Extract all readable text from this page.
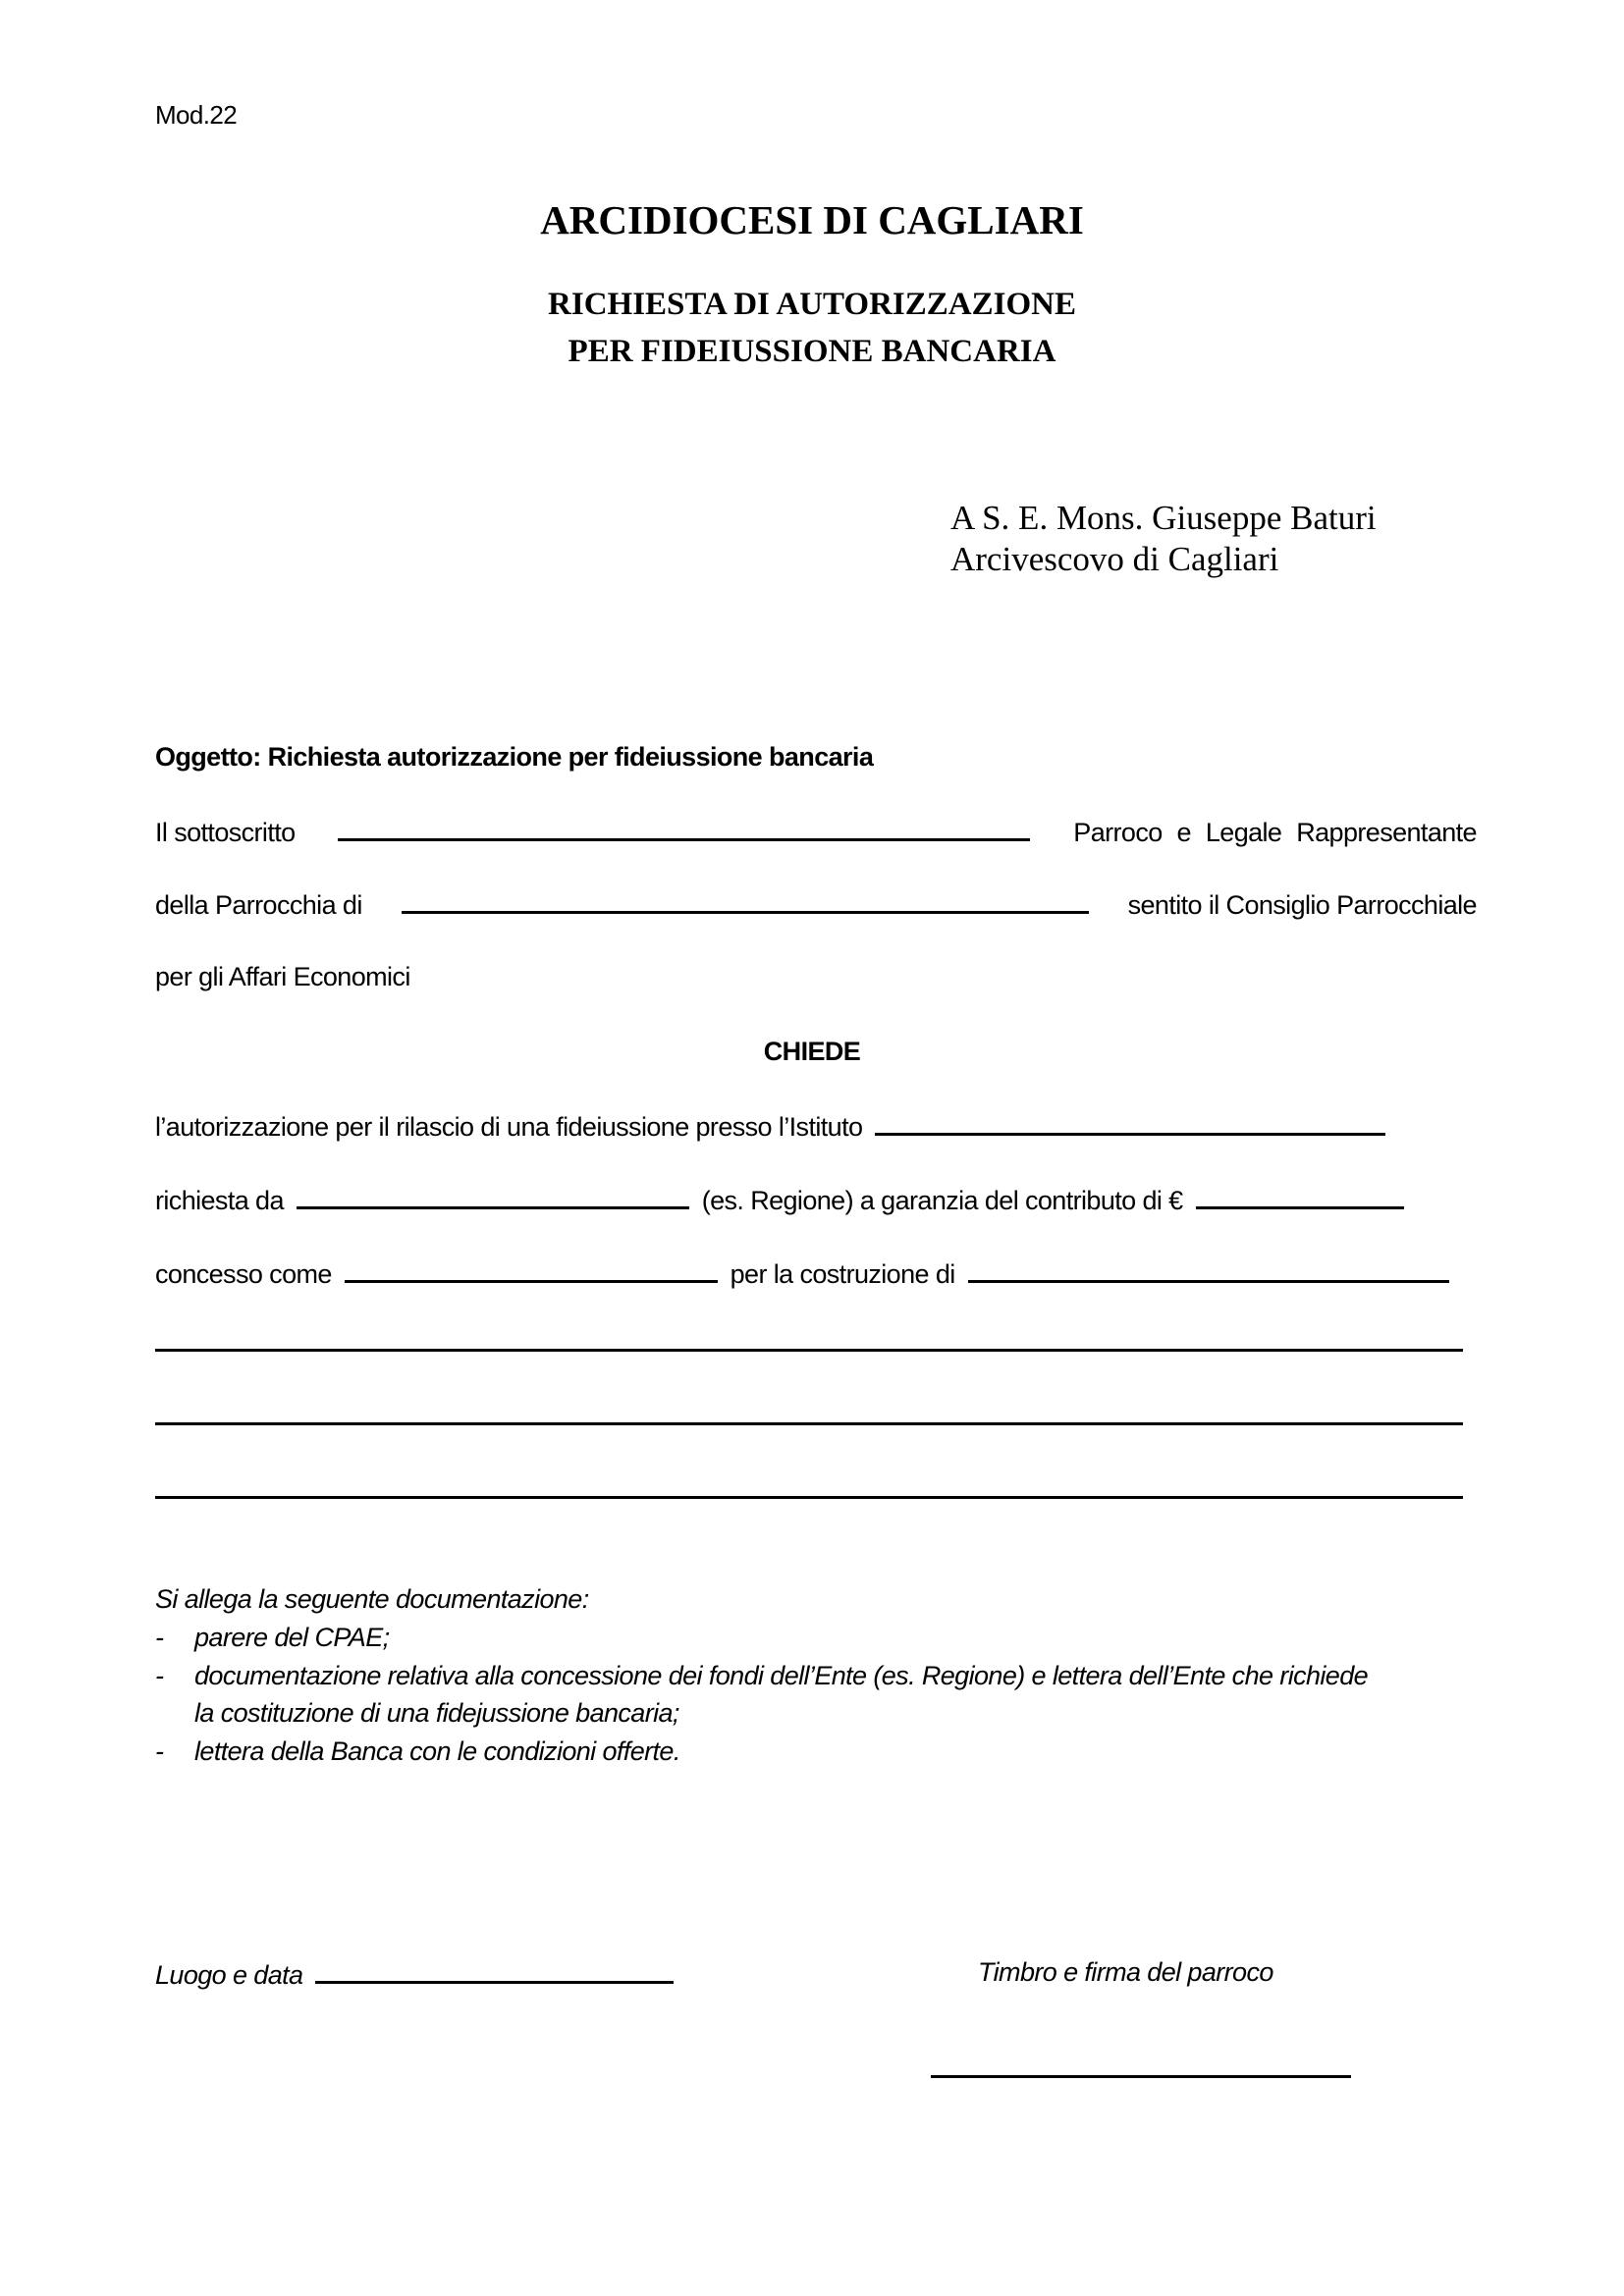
Mod.22
ARCIDIOCESI DI CAGLIARI
RICHIESTA DI AUTORIZZAZIONE
PER FIDEIUSSIONE BANCARIA
A S. E. Mons. Giuseppe Baturi
Arcivescovo di Cagliari
Oggetto: Richiesta autorizzazione per fideiussione bancaria
Il sottoscritto	Parroco e Legale Rappresentante
della Parrocchia di	sentito il Consiglio Parrocchiale
per gli Affari Economici
CHIEDE
l’autorizzazione per il rilascio di una fideiussione presso l’Istituto
richiesta da	(es. Regione) a garanzia del contributo di €
concesso come	per la costruzione di
Si allega la seguente documentazione:
- parere del CPAE;
- documentazione relativa alla concessione dei fondi dell’Ente (es. Regione) e lettera dell’Ente che richiede
la costituzione di una fidejussione bancaria;
- lettera della Banca con le condizioni offerte.
Luogo e data	Timbro e firma del parroco
